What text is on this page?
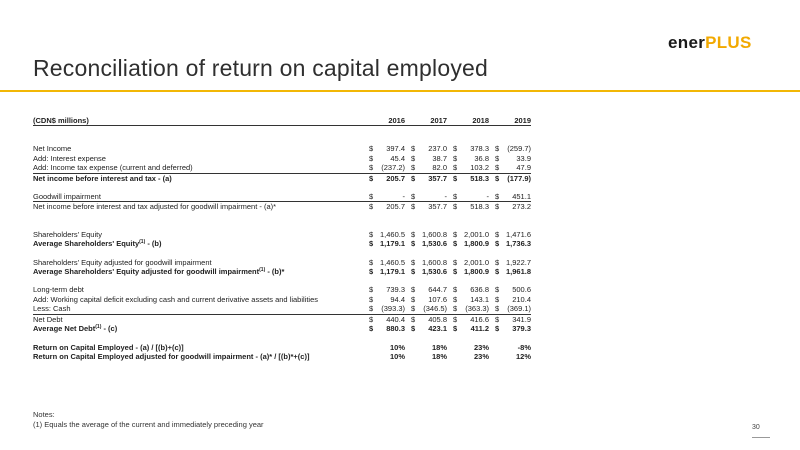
enerPLUS
Reconciliation of return on capital employed
(CDN$ millions)		2016		2017		2018		2019

Net Income	$	397.4	$	237.0	$	378.3	$	(259.7)
Add: Interest expense	$	45.4	$	38.7	$	36.8	$	33.9
Add: Income tax expense (current and deferred)	$	(237.2)	$	82.0	$	103.2	$	47.9
Net income before interest and tax - (a)	$	205.7	$	357.7	$	518.3	$	(177.9)

Goodwill impairment	$	-	$	-	$	-	$	451.1
Net income before interest and tax adjusted for goodwill impairment - (a)*	$	205.7	$	357.7	$	518.3	$	273.2

Shareholders' Equity	$	1,460.5	$	1,600.8	$	2,001.0	$	1,471.6
Average Shareholders' Equity$^{(1)}$ - (b)	$	1,179.1	$	1,530.6	$	1,800.9	$	1,736.3

Shareholders' Equity adjusted for goodwill impairment	$	1,460.5	$	1,600.8	$	2,001.0	$	1,922.7
Average Shareholders' Equity adjusted for goodwill impairment$^{(1)}$ - (b)*	$	1,179.1	$	1,530.6	$	1,800.9	$	1,961.8

Long-term debt	$	739.3	$	644.7	$	636.8	$	500.6
Add: Working capital deficit excluding cash and current derivative assets and liabilities	$	94.4	$	107.6	$	143.1	$	210.4
Less: Cash	$	(393.3)	$	(346.5)	$	(363.3)	$	(369.1)
Net Debt	$	440.4	$	405.8	$	416.6	$	341.9
Average Net Debt$^{(1)}$ - (c)	$	880.3	$	423.1	$	411.2	$	379.3

Return on Capital Employed - (a) / [(b)+(c)]		10%		18%		23%		-8%
Return on Capital Employed adjusted for goodwill impairment - (a)* / [(b)*+(c)]		10%		18%		23%		12%
Notes:
(1) Equals the average of the current and immediately preceding year	30
